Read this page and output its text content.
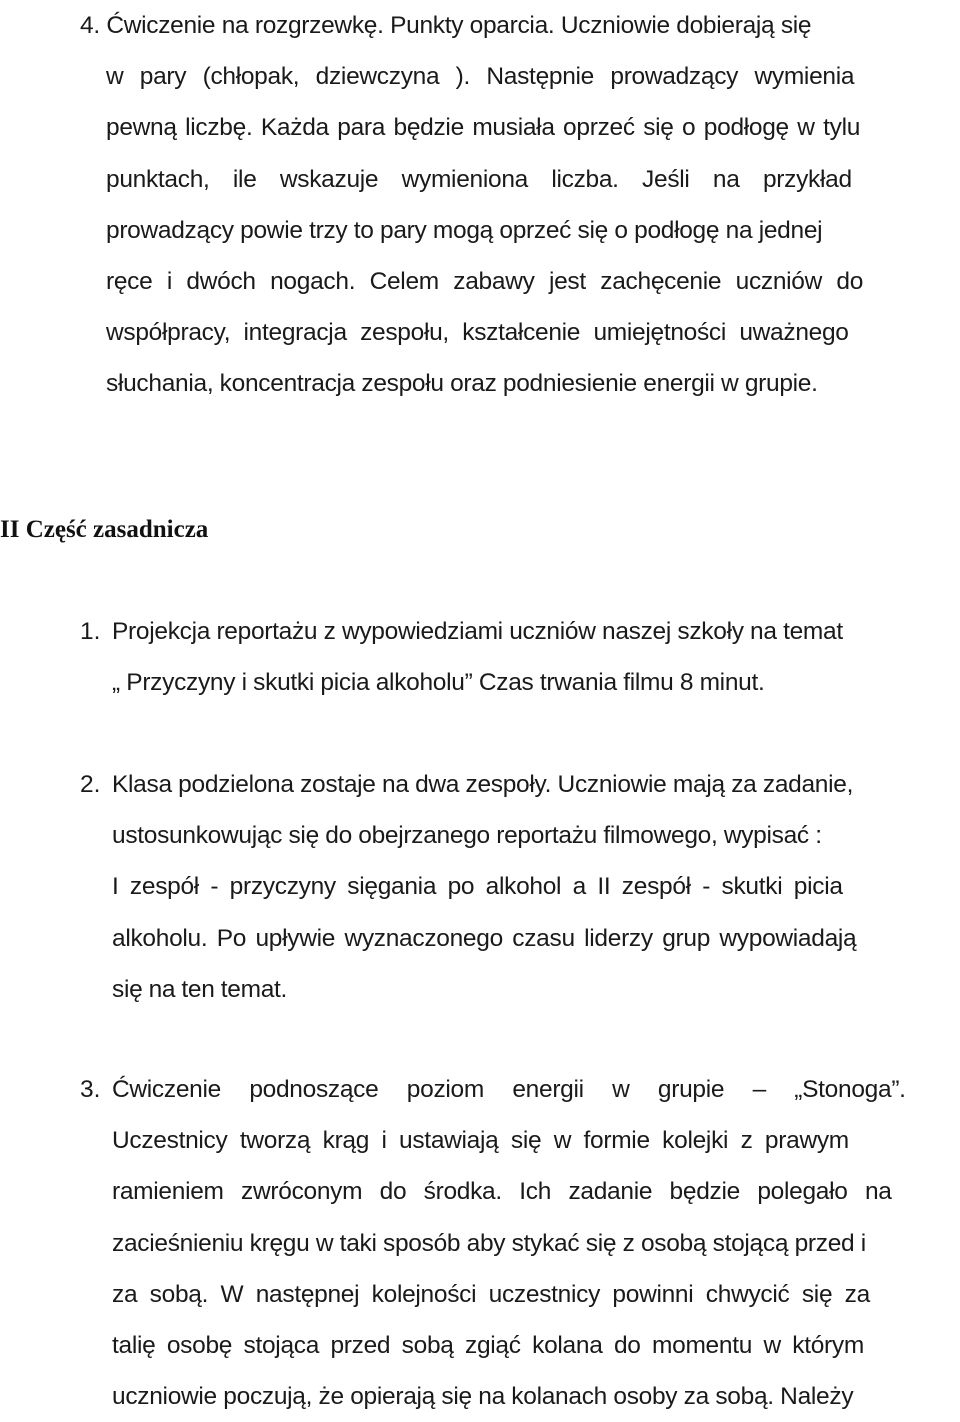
4. Ćwiczenie na rozgrzewkę. Punkty oparcia. Uczniowie dobierają się
w pary (chłopak, dziewczyna ). Następnie prowadzący wymienia
pewną liczbę. Każda para będzie musiała oprzeć się o podłogę w tylu
punktach, ile wskazuje wymieniona liczba. Jeśli na przykład
prowadzący powie trzy to pary mogą oprzeć się o podłogę na jednej
ręce i dwóch nogach. Celem zabawy jest zachęcenie uczniów do
współpracy, integracja zespołu, kształcenie umiejętności uważnego
słuchania, koncentracja zespołu oraz podniesienie energii w grupie.
II Część zasadnicza
1. Projekcja reportażu z wypowiedziami uczniów naszej szkoły na temat
„ Przyczyny i skutki picia alkoholu” Czas trwania filmu 8 minut.
2. Klasa podzielona zostaje na dwa zespoły. Uczniowie mają za zadanie,
ustosunkowując się do obejrzanego reportażu filmowego, wypisać :
I zespół - przyczyny sięgania po alkohol a II zespół - skutki picia
alkoholu. Po upływie wyznaczonego czasu liderzy grup wypowiadają
się na ten temat.
3. Ćwiczenie podnoszące poziom energii w grupie – „Stonoga”.
Uczestnicy tworzą krąg i ustawiają się w formie kolejki z prawym
ramieniem zwróconym do środka. Ich zadanie będzie polegało na
zacieśnieniu kręgu w taki sposób aby stykać się z osobą stojącą przed i
za sobą. W następnej kolejności uczestnicy powinni chwycić się za
talię osobę stojąca przed sobą zgiąć kolana do momentu w którym
uczniowie poczują, że opierają się na kolanach osoby za sobą. Należy
